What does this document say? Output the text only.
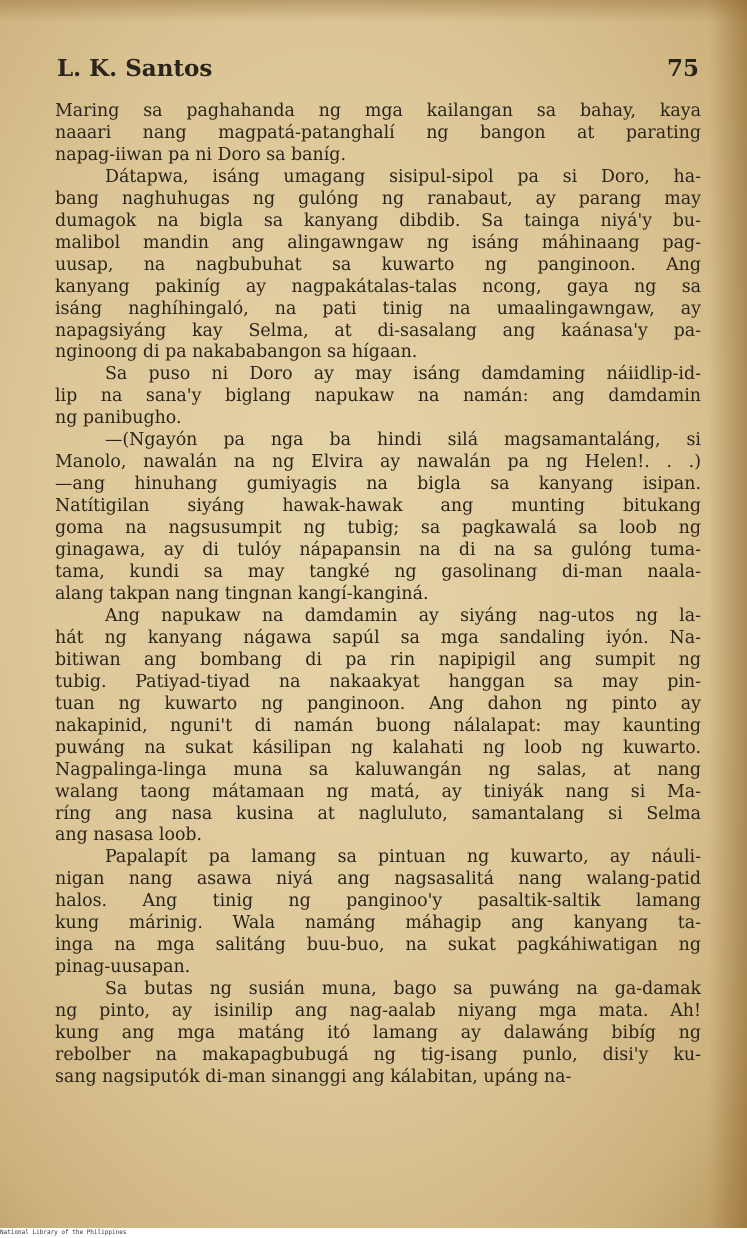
L. K. Santos	75
Maring sa paghahanda ng mga kailangan sa bahay, kaya
naaari nang magpatá-patanghalí ng bangon at parating
napag-iiwan pa ni Doro sa baníg.
Dátapwa, isáng umagang sisipul-sipol pa si Doro, ha-
bang naghuhugas ng gulóng ng ranabaut, ay parang may
dumagok na bigla sa kanyang dibdib. Sa tainga niyá'y bu-
malibol mandin ang alingawngaw ng isáng máhinaang pag-
uusap, na nagbubuhat sa kuwarto ng panginoon. Ang
kanyang pakiníg ay nagpakátalas-talas ncong, gaya ng sa
isáng naghíhingaló, na pati tinig na umaalingawngaw, ay
napagsiyáng kay Selma, at di-sasalang ang kaánasa'y pa-
nginoong di pa nakababangon sa hígaan.
Sa puso ni Doro ay may isáng damdaming náiidlip-id-
lip na sana'y biglang napukaw na namán: ang damdamin
ng panibugho.
—(Ngayón pa nga ba hindi silá magsamantaláng, si
Manolo, nawalán na ng Elvira ay nawalán pa ng Helen!. . .)
—ang hinuhang gumiyagis na bigla sa kanyang isipan.
Natítigilan siyáng hawak-hawak ang munting bitukang
goma na nagsusumpit ng tubig; sa pagkawalá sa loob ng
ginagawa, ay di tulóy nápapansin na di na sa gulóng tuma-
tama, kundi sa may tangké ng gasolinang di-man naala-
alang takpan nang tingnan kangí-kanginá.
Ang napukaw na damdamin ay siyáng nag-utos ng la-
hát ng kanyang nágawa sapúl sa mga sandaling iyón. Na-
bitiwan ang bombang di pa rin napipigil ang sumpit ng
tubig. Patiyad-tiyad na nakaakyat hanggan sa may pin-
tuan ng kuwarto ng panginoon. Ang dahon ng pinto ay
nakapinid, nguni't di namán buong nálalapat: may kaunting
puwáng na sukat kásilipan ng kalahati ng loob ng kuwarto.
Nagpalinga-linga muna sa kaluwangán ng salas, at nang
walang taong mátamaan ng matá, ay tiniyák nang si Ma-
ríng ang nasa kusina at nagluluto, samantalang si Selma
ang nasasa loob.
Papalapít pa lamang sa pintuan ng kuwarto, ay náuli-
nigan nang asawa niyá ang nagsasalitá nang walang-patid
halos. Ang tinig ng panginoo'y pasaltik-saltik lamang
kung márinig. Wala namáng máhagip ang kanyang ta-
inga na mga salitáng buu-buo, na sukat pagkáhiwatigan ng
pinag-uusapan.
Sa butas ng susián muna, bago sa puwáng na ga-damak
ng pinto, ay isinilip ang nag-aalab niyang mga mata. Ah!
kung ang mga matáng itó lamang ay dalawáng bibíg ng
rebolber na makapagbubugá ng tig-isang punlo, disi'y ku-
sang nagsiputók di-man sinanggi ang kálabitan, upáng na-
National Library of the Philippines
